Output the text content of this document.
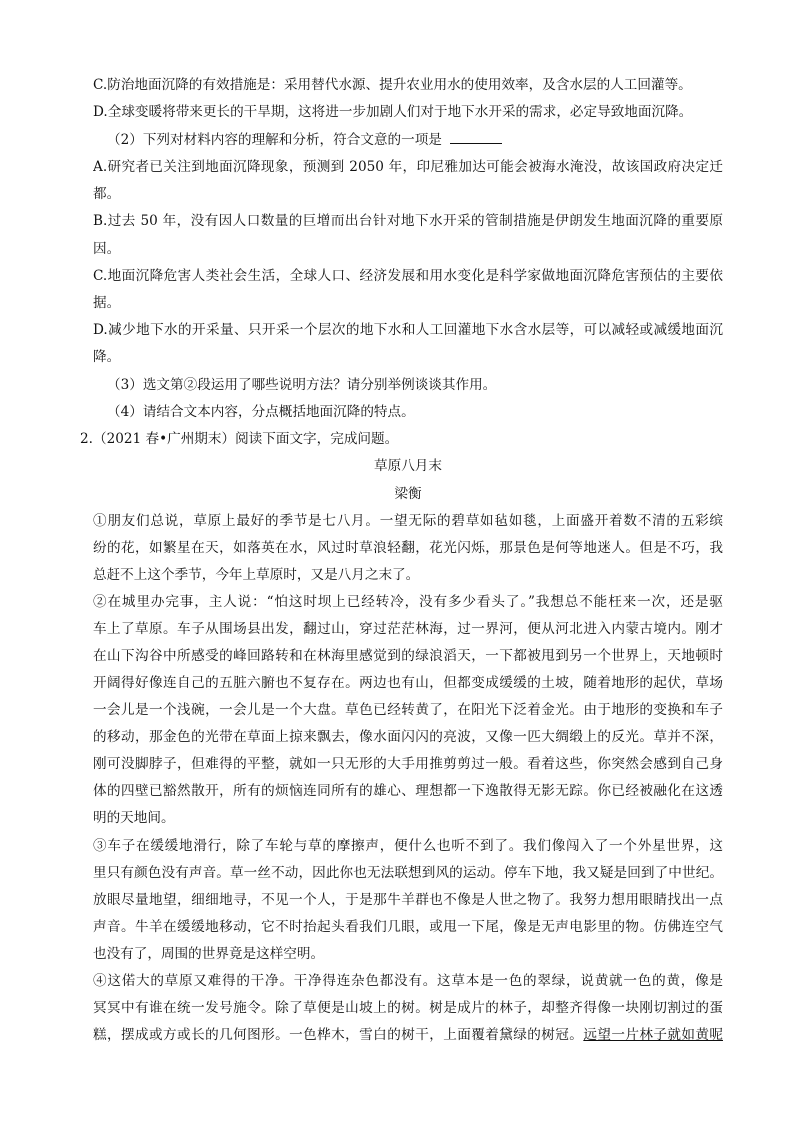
C.防治地面沉降的有效措施是：采用替代水源、提升农业用水的使用效率，及含水层的人工回灌等。
D.全球变暖将带来更长的干旱期，这将进一步加剧人们对于地下水开采的需求，必定导致地面沉降。
（2）下列对材料内容的理解和分析，符合文意的一项是
A.研究者已关注到地面沉降现象，预测到 2050 年，印尼雅加达可能会被海水淹没，故该国政府决定迁
都。
B.过去 50 年，没有因人口数量的巨增而出台针对地下水开采的管制措施是伊朗发生地面沉降的重要原
因。
C.地面沉降危害人类社会生活，全球人口、经济发展和用水变化是科学家做地面沉降危害预估的主要依
据。
D.减少地下水的开采量、只开采一个层次的地下水和人工回灌地下水含水层等，可以减轻或减缓地面沉
降。
（3）选文第②段运用了哪些说明方法？请分别举例谈谈其作用。
（4）请结合文本内容，分点概括地面沉降的特点。
2.（2021 春•广州期末）阅读下面文字，完成问题。
草原八月末
梁衡
①朋友们总说，草原上最好的季节是七八月。一望无际的碧草如毡如毯，上面盛开着数不清的五彩缤
纷的花，如繁星在天，如落英在水，风过时草浪轻翻，花光闪烁，那景色是何等地迷人。但是不巧，我
总赶不上这个季节，今年上草原时，又是八月之末了。
②在城里办完事，主人说：“怕这时坝上已经转冷，没有多少看头了。”我想总不能枉来一次，还是驱
车上了草原。车子从围场县出发，翻过山，穿过茫茫林海，过一界河，便从河北进入内蒙古境内。刚才
在山下沟谷中所感受的峰回路转和在林海里感觉到的绿浪滔天，一下都被甩到另一个世界上，天地顿时
开阔得好像连自己的五脏六腑也不复存在。两边也有山，但都变成缓缓的土坡，随着地形的起伏，草场
一会儿是一个浅碗，一会儿是一个大盘。草色已经转黄了，在阳光下泛着金光。由于地形的变换和车子
的移动，那金色的光带在草面上掠来飘去，像水面闪闪的亮波，又像一匹大绸缎上的反光。草并不深，
刚可没脚脖子，但难得的平整，就如一只无形的大手用推剪剪过一般。看着这些，你突然会感到自己身
体的四壁已豁然散开，所有的烦恼连同所有的雄心、理想都一下逸散得无影无踪。你已经被融化在这透
明的天地间。
③车子在缓缓地滑行，除了车轮与草的摩擦声，便什么也听不到了。我们像闯入了一个外星世界，这
里只有颜色没有声音。草一丝不动，因此你也无法联想到风的运动。停车下地，我又疑是回到了中世纪。
放眼尽量地望，细细地寻，不见一个人，于是那牛羊群也不像是人世之物了。我努力想用眼睛找出一点
声音。牛羊在缓缓地移动，它不时抬起头看我们几眼，或甩一下尾，像是无声电影里的物。仿佛连空气
也没有了，周围的世界竟是这样空明。
④这偌大的草原又难得的干净。干净得连杂色都没有。这草本是一色的翠绿，说黄就一色的黄，像是
冥冥中有谁在统一发号施令。除了草便是山坡上的树。树是成片的林子，却整齐得像一块刚切割过的蛋
糕，摆成或方或长的几何图形。一色桦木，雪白的树干，上面覆着黛绿的树冠。远望一片林子就如黄呢
